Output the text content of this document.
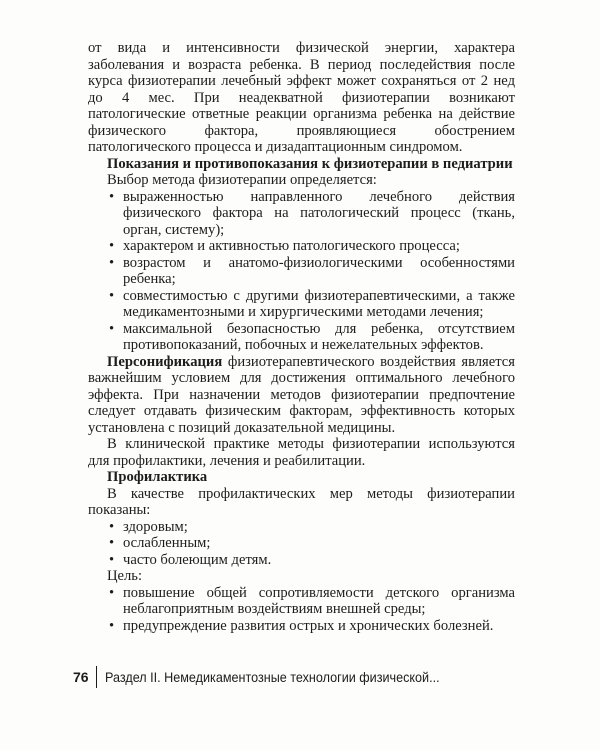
от вида и интенсивности физической энергии, характера заболевания и возраста ребенка. В период последействия после курса физиотерапии лечебный эффект может сохраняться от 2 нед до 4 мес. При неадекватной физиотерапии возникают патологические ответные реакции организма ребенка на действие физического фактора, проявляющиеся обострением патологического процесса и дизадаптационным синдромом.

Показания и противопоказания к физиотерапии в педиатрии

Выбор метода физиотерапии определяется:

• выраженностью направленного лечебного действия физического фактора на патологический процесс (ткань, орган, систему);
• характером и активностью патологического процесса;
• возрастом и анатомо-физиологическими особенностями ребенка;
• совместимостью с другими физиотерапевтическими, а также медикаментозными и хирургическими методами лечения;
• максимальной безопасностью для ребенка, отсутствием противопоказаний, побочных и нежелательных эффектов.

Персонификация физиотерапевтического воздействия является важнейшим условием для достижения оптимального лечебного эффекта. При назначении методов физиотерапии предпочтение следует отдавать физическим факторам, эффективность которых установлена с позиций доказательной медицины.

В клинической практике методы физиотерапии используются для профилактики, лечения и реабилитации.

Профилактика

В качестве профилактических мер методы физиотерапии показаны:

• здоровым;
• ослабленным;
• часто болеющим детям.

Цель:

• повышение общей сопротивляемости детского организма неблагоприятным воздействиям внешней среды;
• предупреждение развития острых и хронических болезней.
76	Раздел II. Немедикаментозные технологии физической...
